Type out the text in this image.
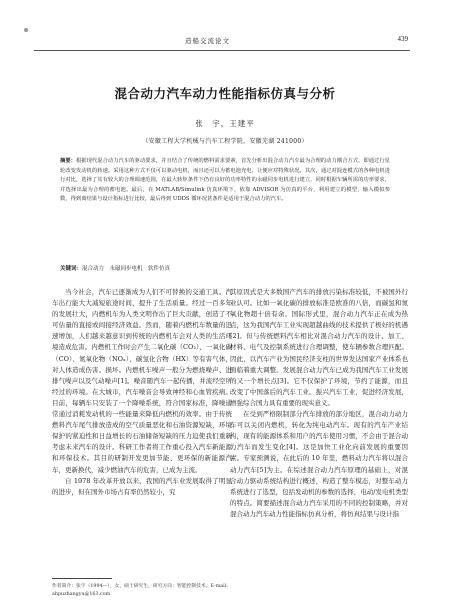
造船交流论文	439
混合动力汽车动力性能指标仿真与分析
张　宇，王建平
（安徽工程大学机械与汽车工程学院，安徽芜湖 241000）
摘要：根据现代混合动力汽车的驱动要求，并且结合了传统的燃料需求要素，首先分析出混合动力汽车最为合理的动力耦合方式，即通过行星轮改变发动机的转速。采用这种方式不仅可以驱动电机，而且还可以为蓄电池充电，让便应对特殊状况。其次，通过对混连模式的各种电机进行对比，选择了其有较大的合理调速范围，在最大转矩条件下仍有良好的功率特性的永磁同步电机进行建立，同时根据车辆所需的功率要求，并选择出最为合理的蓄电池。最后，在 MATLAB/Simulink 仿真环境下，依靠 ADVISOR 为仿真的平台，利用建立的模型，输入模拟参数，得到离结果与设计指标进行比较，最后得到 UDDS 循环况甚条件是适用于混合动力的汽车。
关键词：混合动力　永磁同步电机　软件仿真

当今社会，汽车已逐渐成为人们不可替换的交通工具。汽车出行能大大减短旅途时间，提升了生活质量。经过一百多年的发展壮大，内燃机车为人类文明作出了巨大贡献，创造了不可估量的直接或间接经济效益。然而，随着内燃机车数量的迅速增加，人们越来越意识到传统的内燃机车会对人类的生活环境造成危害。内燃机工作时会产生二氧化碳（CO₂）、一氧化碳（CO）、氮氧化物（NOₓ）、碳氢化合物（HX）等有害气体，对人体造成伤害。损坏。内燃机车噪声一般分为燃烧噪声、进排气噪声以及气动噪声[1]。噪音随汽车一起传播，并流经空所经过的环境。在大城市，汽车噪音会导致神经和心血管疾病。目前，每辆车只安装了一个降噪系统，符合国家标准，降噪通常通过消耗发动机的一些能量来降低内燃机的效率。由于传统燃料汽车尾气排放造成的空气质量恶化和石油资源短缺，环境保护的紧迫性和日益增长的石油储备短缺的压力迫使我们重新考虑未来汽车的设计。科研工作者将工作重心投入汽车新能源和环保技术。其目的研制开发更加节能、更环保的新能源汽车，更新换代，减少燃油汽车的危害，已成为主流。

自 1978 年改革开放以来，我国的汽车业发展取得了明显的进步，但在国外市场占有率仍然较小，究

其原因式是大多数国产汽车的排放污染标准较低，不被国外行业认可。比如一氧化碳的排放标准是欧准的八倍，而碳氢和氮氧化物超十倍有余。国际形式里，混合动力汽车正在成为热点，这为我国汽车工业实现超越曲线的技术提供了极好的机遇[2]。但与传统燃料汽车相比对混合动力汽车的设计、加工、材料、电气及控制系统进行合理调整，使车辆参数合理匹配。因此，以汽车产业为国民经济支柱的世界发达国家产业体系也面临着重大调整。发展混合动力汽车已成为我国汽车工业发展的又一个增长点[3]。它不仅保护了环境，节约了能源，而且改变了中国落后的汽车工业。振兴汽车工业，促进经济发展，增强综合国力具有重要的现实意义。

在受到严格限制部分汽车排放的部分地区，混合动力动力车可以关闭内燃机，转化为纯电动汽车。现有的汽车产业结构，现有的能源体系和用户的汽车使用习惯，不会由于混合动力汽车而发生变化[4]。这是加快工业化向前发展的重要因素。专家预测说，在此后的 10 年里，燃料动力汽车将以混合动力汽车[5]为主。在综述混合动力汽车原理的基础上，对混合动力驱动系统结构进行概述，构造了整车模态，对整车动力系统进行了选型，包括发动机的参数的选择，电动/发电机类型的特点。简要描述混合动力汽车采用的不同的控制策略，并对混合动力汽车动力性能指标仿真分析，将仿真结果与设计指

作者简介：张宇（1994—），女，硕士研究生，研究方向：智能控制技术。E-mail: ahpuzhangyu@163.com
